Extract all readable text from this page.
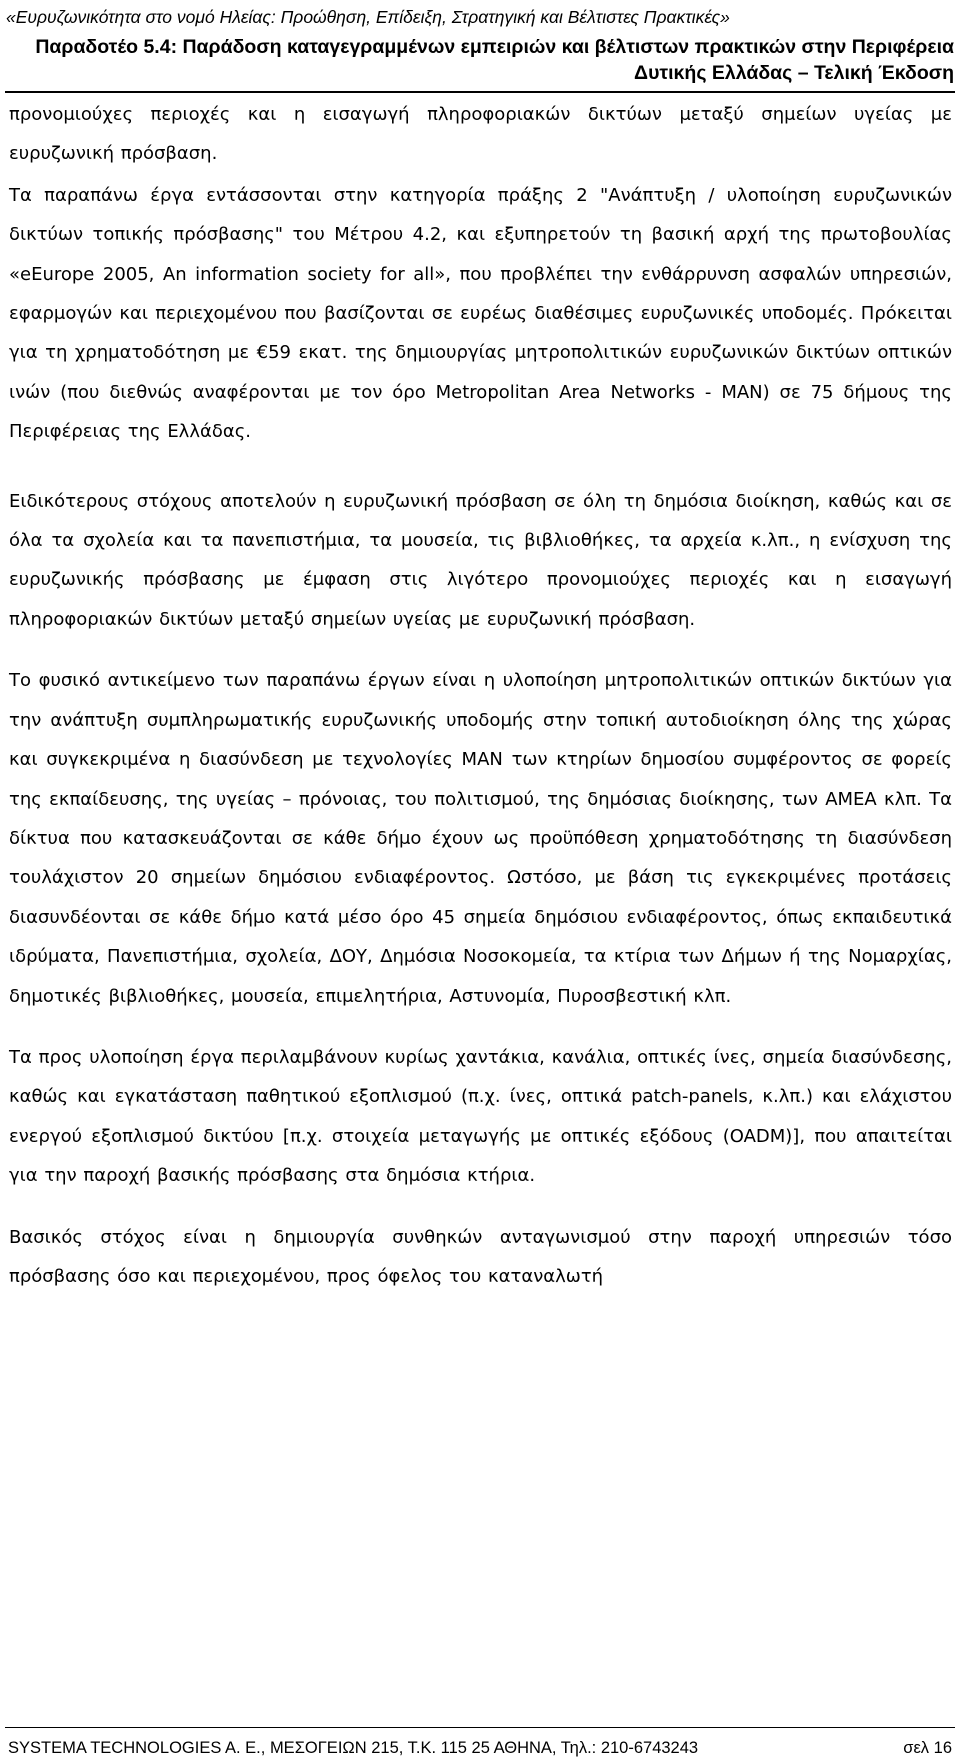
«Ευρυζωνικότητα στο νομό Ηλείας: Προώθηση, Επίδειξη, Στρατηγική και Βέλτιστες Πρακτικές»
Παραδοτέο 5.4: Παράδοση καταγεγραμμένων εμπειριών και βέλτιστων πρακτικών στην Περιφέρεια Δυτικής Ελλάδας – Τελική Έκδοση

προνομιούχες περιοχές και η εισαγωγή πληροφοριακών δικτύων μεταξύ σημείων υγείας με ευρυζωνική πρόσβαση.

Τα παραπάνω έργα εντάσσονται στην κατηγορία πράξης 2 "Ανάπτυξη / υλοποίηση ευρυζωνικών δικτύων τοπικής πρόσβασης" του Μέτρου 4.2, και εξυπηρετούν τη βασική αρχή της πρωτοβουλίας «eEurope 2005, An information society for all», που προβλέπει την ενθάρρυνση ασφαλών υπηρεσιών, εφαρμογών και περιεχομένου που βασίζονται σε ευρέως διαθέσιμες ευρυζωνικές υποδομές. Πρόκειται για τη χρηματοδότηση με €59 εκατ. της δημιουργίας μητροπολιτικών ευρυζωνικών δικτύων οπτικών ινών (που διεθνώς αναφέρονται με τον όρο Metropolitan Area Networks - MAN) σε 75 δήμους της Περιφέρειας της Ελλάδας.

Ειδικότερους στόχους αποτελούν η ευρυζωνική πρόσβαση σε όλη τη δημόσια διοίκηση, καθώς και σε όλα τα σχολεία και τα πανεπιστήμια, τα μουσεία, τις βιβλιοθήκες, τα αρχεία κ.λπ., η ενίσχυση της ευρυζωνικής πρόσβασης με έμφαση στις λιγότερο προνομιούχες περιοχές και η εισαγωγή πληροφοριακών δικτύων μεταξύ σημείων υγείας με ευρυζωνική πρόσβαση.

Το φυσικό αντικείμενο των παραπάνω έργων είναι η υλοποίηση μητροπολιτικών οπτικών δικτύων για την ανάπτυξη συμπληρωματικής ευρυζωνικής υποδομής στην τοπική αυτοδιοίκηση όλης της χώρας και συγκεκριμένα η διασύνδεση με τεχνολογίες MAN των κτηρίων δημοσίου συμφέροντος σε φορείς της εκπαίδευσης, της υγείας – πρόνοιας, του πολιτισμού, της δημόσιας διοίκησης, των ΑΜΕΑ κλπ. Τα δίκτυα που κατασκευάζονται σε κάθε δήμο έχουν ως προϋπόθεση χρηματοδότησης τη διασύνδεση τουλάχιστον 20 σημείων δημόσιου ενδιαφέροντος. Ωστόσο, με βάση τις εγκεκριμένες προτάσεις διασυνδέονται σε κάθε δήμο κατά μέσο όρο 45 σημεία δημόσιου ενδιαφέροντος, όπως εκπαιδευτικά ιδρύματα, Πανεπιστήμια, σχολεία, ΔΟΥ, Δημόσια Νοσοκομεία, τα κτίρια των Δήμων ή της Νομαρχίας, δημοτικές βιβλιοθήκες, μουσεία, επιμελητήρια, Αστυνομία, Πυροσβεστική κλπ.

Τα προς υλοποίηση έργα περιλαμβάνουν κυρίως χαντάκια, κανάλια, οπτικές ίνες, σημεία διασύνδεσης, καθώς και εγκατάσταση παθητικού εξοπλισμού (π.χ. ίνες, οπτικά patch-panels, κ.λπ.) και ελάχιστου ενεργού εξοπλισμού δικτύου [π.χ. στοιχεία μεταγωγής με οπτικές εξόδους (OADM)], που απαιτείται για την παροχή βασικής πρόσβασης στα δημόσια κτήρια.

Βασικός στόχος είναι η δημιουργία συνθηκών ανταγωνισμού στην παροχή υπηρεσιών τόσο πρόσβασης όσο και περιεχομένου, προς όφελος του καταναλωτή

SYSTEMA TECHNOLOGIES A. E., ΜΕΣΟΓΕΙΩΝ 215, Τ.Κ. 115 25 ΑΘΗΝΑ, Τηλ.: 210-6743243	σελ 16
